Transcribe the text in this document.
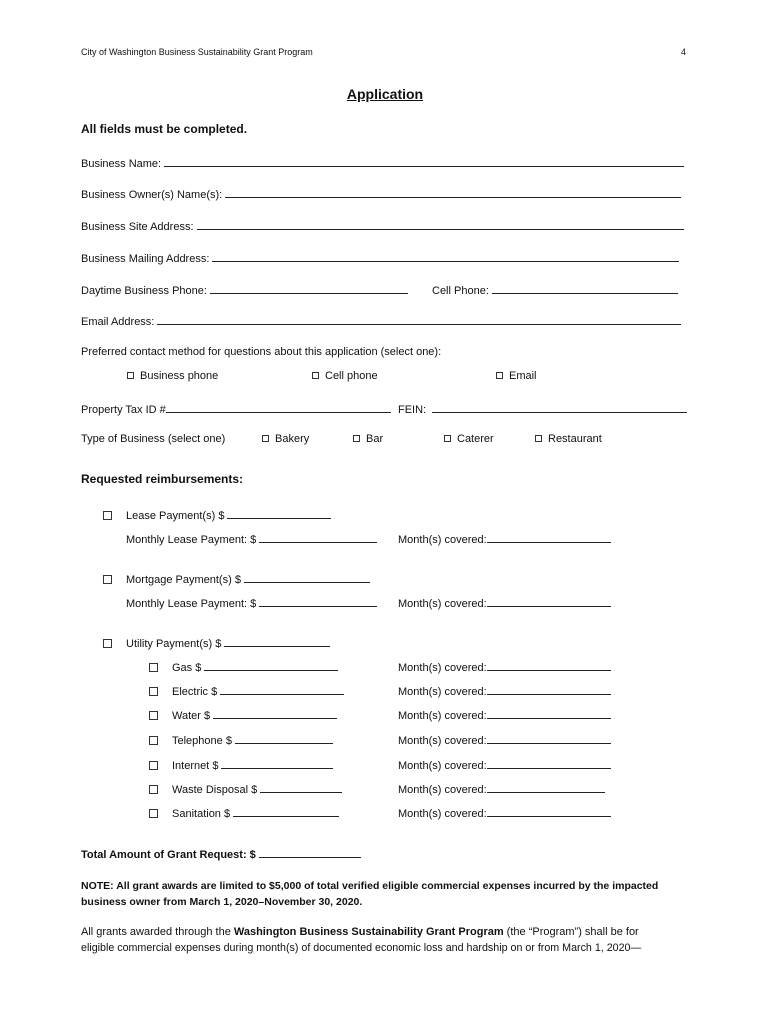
City of Washington Business Sustainability Grant Program	4
Application
All fields must be completed.
Business Name:
Business Owner(s) Name(s):
Business Site Address:
Business Mailing Address:
Daytime Business Phone:	Cell Phone:
Email Address:
Preferred contact method for questions about this application (select one):
Business phone	Cell phone	Email
Property Tax ID #	FEIN:
Type of Business (select one)	Bakery	Bar	Caterer	Restaurant
Requested reimbursements:
Lease Payment(s) $
Monthly Lease Payment: $	Month(s) covered:
Mortgage Payment(s) $
Monthly Lease Payment: $	Month(s) covered:
Utility Payment(s) $
Gas $	Month(s) covered:
Electric $	Month(s) covered:
Water $	Month(s) covered:
Telephone $	Month(s) covered:
Internet $	Month(s) covered:
Waste Disposal $	Month(s) covered:
Sanitation $	Month(s) covered:
Total Amount of Grant Request: $
NOTE: All grant awards are limited to $5,000 of total verified eligible commercial expenses incurred by the impacted
business owner from March 1, 2020–November 30, 2020.
All grants awarded through the Washington Business Sustainability Grant Program (the “Program”) shall be for
eligible commercial expenses during month(s) of documented economic loss and hardship on or from March 1, 2020—
